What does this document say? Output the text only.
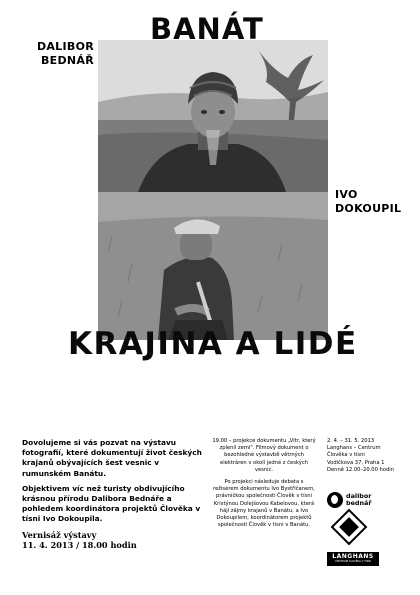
BANÁT
DALIBOR
BEDNÁŘ
IVO
DOKOUPIL
KRAJINA A LIDÉ

Dovolujeme si vás pozvat na výstavu fotografií, které dokumentují život českých krajanů obývajících šest vesnic v rumunském Banátu.

Objektivem víc než turisty obdivujícího krásnou přírodu Dalibora Bednáře a pohledem koordinátora projektů Člověka v tísni Ivo Dokoupila.

Vernisáž výstavy

11. 4. 2013 / 18.00 hodin

19.00 – projekce dokumentu „Vítr, který zplenil zemi". Filmový dokument o bezohledné výstavbě větrných elektráren v okolí jedné z českých vesnic.
Po projekci následuje debata s režisérem dokumentu Ivo Bystřičanem, právničkou společnosti Člověk v tísni Kristýnou Dolejšovou Kabelovou, která hájí zájmy krajanů v Banátu, a Ivo Dokoupilem, koordinátorem projektů společnosti Člověk v tísni v Banátu.
2. 4. – 31. 5. 2013
Langhans – Centrum
Člověka v tísni
Vodičkova 37, Praha 1
Denně 12.00–20.00 hodin
dalibor
bednář
LANGHANS
CENTRUM ČLOVĚKA V TÍSNI
